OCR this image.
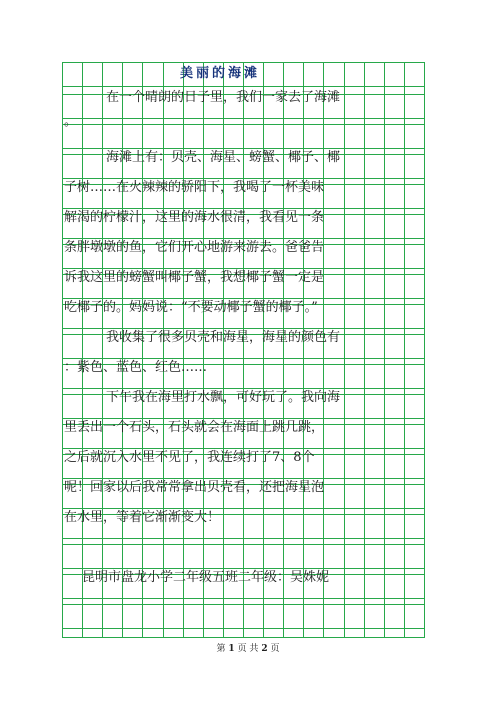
美丽的海滩
在一个晴朗的日子里，我们一家去了海滩
。
海滩上有：贝壳、海星、螃蟹、椰子、椰
子树……在火辣辣的骄阳下，我喝了一杯美味
解渴的柠檬汁，这里的海水很清，我看见一条
条胖墩墩的鱼，它们开心地游来游去。爸爸告
诉我这里的螃蟹叫椰子蟹，我想椰子蟹一定是
吃椰子的。妈妈说：“不要动椰子蟹的椰子。”
我收集了很多贝壳和海星，海星的颜色有
：紫色、蓝色、红色……
下午我在海里打水飘，可好玩了。我向海
里丢出一个石头，石头就会在海面上跳几跳，
之后就沉入水里不见了，我连续打了7、8个
呢！回家以后我常常拿出贝壳看，还把海星泡
在水里，等着它渐渐变大！
昆明市盘龙小学二年级五班二年级：吴姝妮
第 1 页 共 2 页
